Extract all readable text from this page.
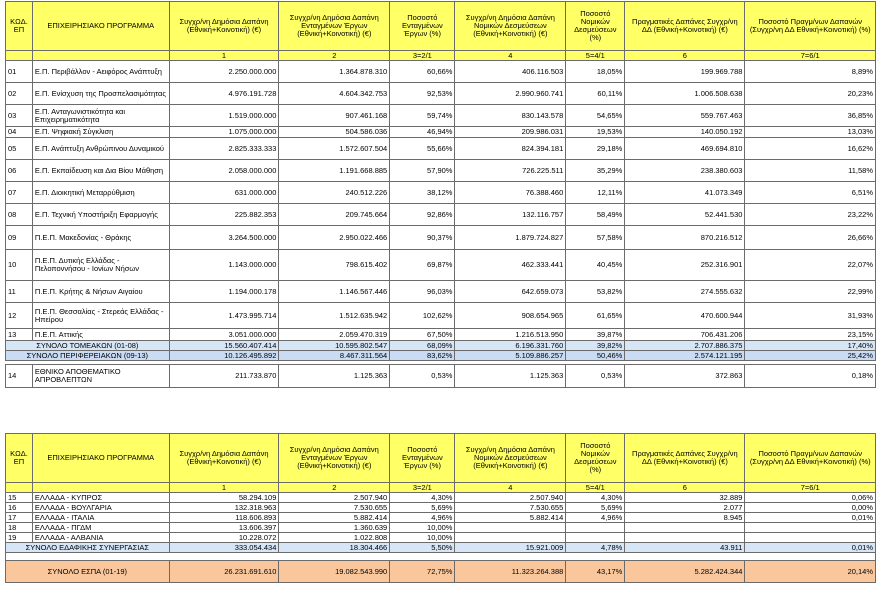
ΚΩΔ. ΕΠ	ΕΠΙΧΕΙΡΗΣΙΑΚΟ ΠΡΟΓΡΑΜΜΑ	Συγχρ/νη Δημόσια Δαπάνη (Εθνική+Κοινοτική) (€)	Συγχρ/νη Δημόσια Δαπάνη Ενταγμένων Έργων (Εθνική+Κοινοτική) (€)	Ποσοστό Ενταγμένων Έργων (%)	Συγχρ/νη Δημόσια Δαπάνη Νομικών Δεσμεύσεων (Εθνική+Κοινοτική) (€)	Ποσοστό Νομικών Δεσμεύσεων (%)	Πραγματικές Δαπάνες Συγχρ/νη ΔΔ (Εθνική+Κοινοτική) (€)	Ποσοστό Πραγμ/νων Δαπανών (Συγχρ/νη ΔΔ Εθνική+Κοινοτική) (%)
		1	2	3=2/1	4	5=4/1	6	7=6/1
01	Ε.Π. Περιβάλλον - Αειφόρος Ανάπτυξη	2.250.000.000	1.364.878.310	60,66%	406.116.503	18,05%	199.969.788	8,89%
02	Ε.Π. Ενίσχυση της Προσπελασιμότητας	4.976.191.728	4.604.342.753	92,53%	2.990.960.741	60,11%	1.006.508.638	20,23%
03	Ε.Π. Ανταγωνιστικότητα και Επιχειρηματικότητα	1.519.000.000	907.461.168	59,74%	830.143.578	54,65%	559.767.463	36,85%
04	Ε.Π. Ψηφιακή Σύγκλιση	1.075.000.000	504.586.036	46,94%	209.986.031	19,53%	140.050.192	13,03%
05	Ε.Π. Ανάπτυξη Ανθρώπινου Δυναμικού	2.825.333.333	1.572.607.504	55,66%	824.394.181	29,18%	469.694.810	16,62%
06	Ε.Π. Εκπαίδευση και Δια Βίου Μάθηση	2.058.000.000	1.191.668.885	57,90%	726.225.511	35,29%	238.380.603	11,58%
07	Ε.Π. Διοικητική Μεταρρύθμιση	631.000.000	240.512.226	38,12%	76.388.460	12,11%	41.073.349	6,51%
08	Ε.Π. Τεχνική Υποστήριξη Εφαρμογής	225.882.353	209.745.664	92,86%	132.116.757	58,49%	52.441.530	23,22%
09	Π.Ε.Π. Μακεδονίας - Θράκης	3.264.500.000	2.950.022.466	90,37%	1.879.724.827	57,58%	870.216.512	26,66%
10	Π.Ε.Π. Δυτικής Ελλάδας - Πελοποννήσου - Ιονίων Νήσων	1.143.000.000	798.615.402	69,87%	462.333.441	40,45%	252.316.901	22,07%
11	Π.Ε.Π. Κρήτης & Νήσων Αιγαίου	1.194.000.178	1.146.567.446	96,03%	642.659.073	53,82%	274.555.632	22,99%
12	Π.Ε.Π. Θεσσαλίας - Στερεάς Ελλάδας - Ηπείρου	1.473.995.714	1.512.635.942	102,62%	908.654.965	61,65%	470.600.944	31,93%
13	Π.Ε.Π. Αττικής	3.051.000.000	2.059.470.319	67,50%	1.216.513.950	39,87%	706.431.206	23,15%
ΣΥΝΟΛΟ ΤΟΜΕΑΚΩΝ (01-08)		15.560.407.414	10.595.802.547	68,09%	6.196.331.760	39,82%	2.707.886.375	17,40%
ΣΥΝΟΛΟ ΠΕΡΙΦΕΡΕΙΑΚΩΝ (09-13)		10.126.495.892	8.467.311.564	83,62%	5.109.886.257	50,46%	2.574.121.195	25,42%

14	ΕΘΝΙΚΟ ΑΠΟΘΕΜΑΤΙΚΟ ΑΠΡΟΒΛΕΠΤΩΝ	211.733.870	1.125.363	0,53%	1.125.363	0,53%	372.863	0,18%
ΚΩΔ. ΕΠ	ΕΠΙΧΕΙΡΗΣΙΑΚΟ ΠΡΟΓΡΑΜΜΑ	Συγχρ/νη Δημόσια Δαπάνη (Εθνική+Κοινοτική) (€)	Συγχρ/νη Δημόσια Δαπάνη Ενταγμένων Έργων (Εθνική+Κοινοτική) (€)	Ποσοστό Ενταγμένων Έργων (%)	Συγχρ/νη Δημόσια Δαπάνη Νομικών Δεσμεύσεων (Εθνική+Κοινοτική) (€)	Ποσοστό Νομικών Δεσμεύσεων (%)	Πραγματικές Δαπάνες Συγχρ/νη ΔΔ (Εθνική+Κοινοτική) (€)	Ποσοστό Πραγμ/νων Δαπανών (Συγχρ/νη ΔΔ Εθνική+Κοινοτική) (%)
		1	2	3=2/1	4	5=4/1	6	7=6/1
15	ΕΛΛΑΔΑ - ΚΥΠΡΟΣ	58.294.109	2.507.940	4,30%	2.507.940	4,30%	32.889	0,06%
16	ΕΛΛΑΔΑ - ΒΟΥΛΓΑΡΙΑ	132.318.963	7.530.655	5,69%	7.530.655	5,69%	2.077	0,00%
17	ΕΛΛΑΔΑ - ΙΤΑΛΙΑ	118.606.893	5.882.414	4,96%	5.882.414	4,96%	8.945	0,01%
18	ΕΛΛΑΔΑ - ΠΓΔΜ	13.606.397	1.360.639	10,00%				
19	ΕΛΛΑΔΑ - ΑΛΒΑΝΙΑ	10.228.072	1.022.808	10,00%				
ΣΥΝΟΛΟ ΕΔΑΦΙΚΗΣ ΣΥΝΕΡΓΑΣΙΑΣ		333.054.434	18.304.466	5,50%	15.921.009	4,78%	43.911	0,01%

ΣΥΝΟΛΟ ΕΣΠΑ (01-19)		26.231.691.610	19.082.543.990	72,75%	11.323.264.388	43,17%	5.282.424.344	20,14%
